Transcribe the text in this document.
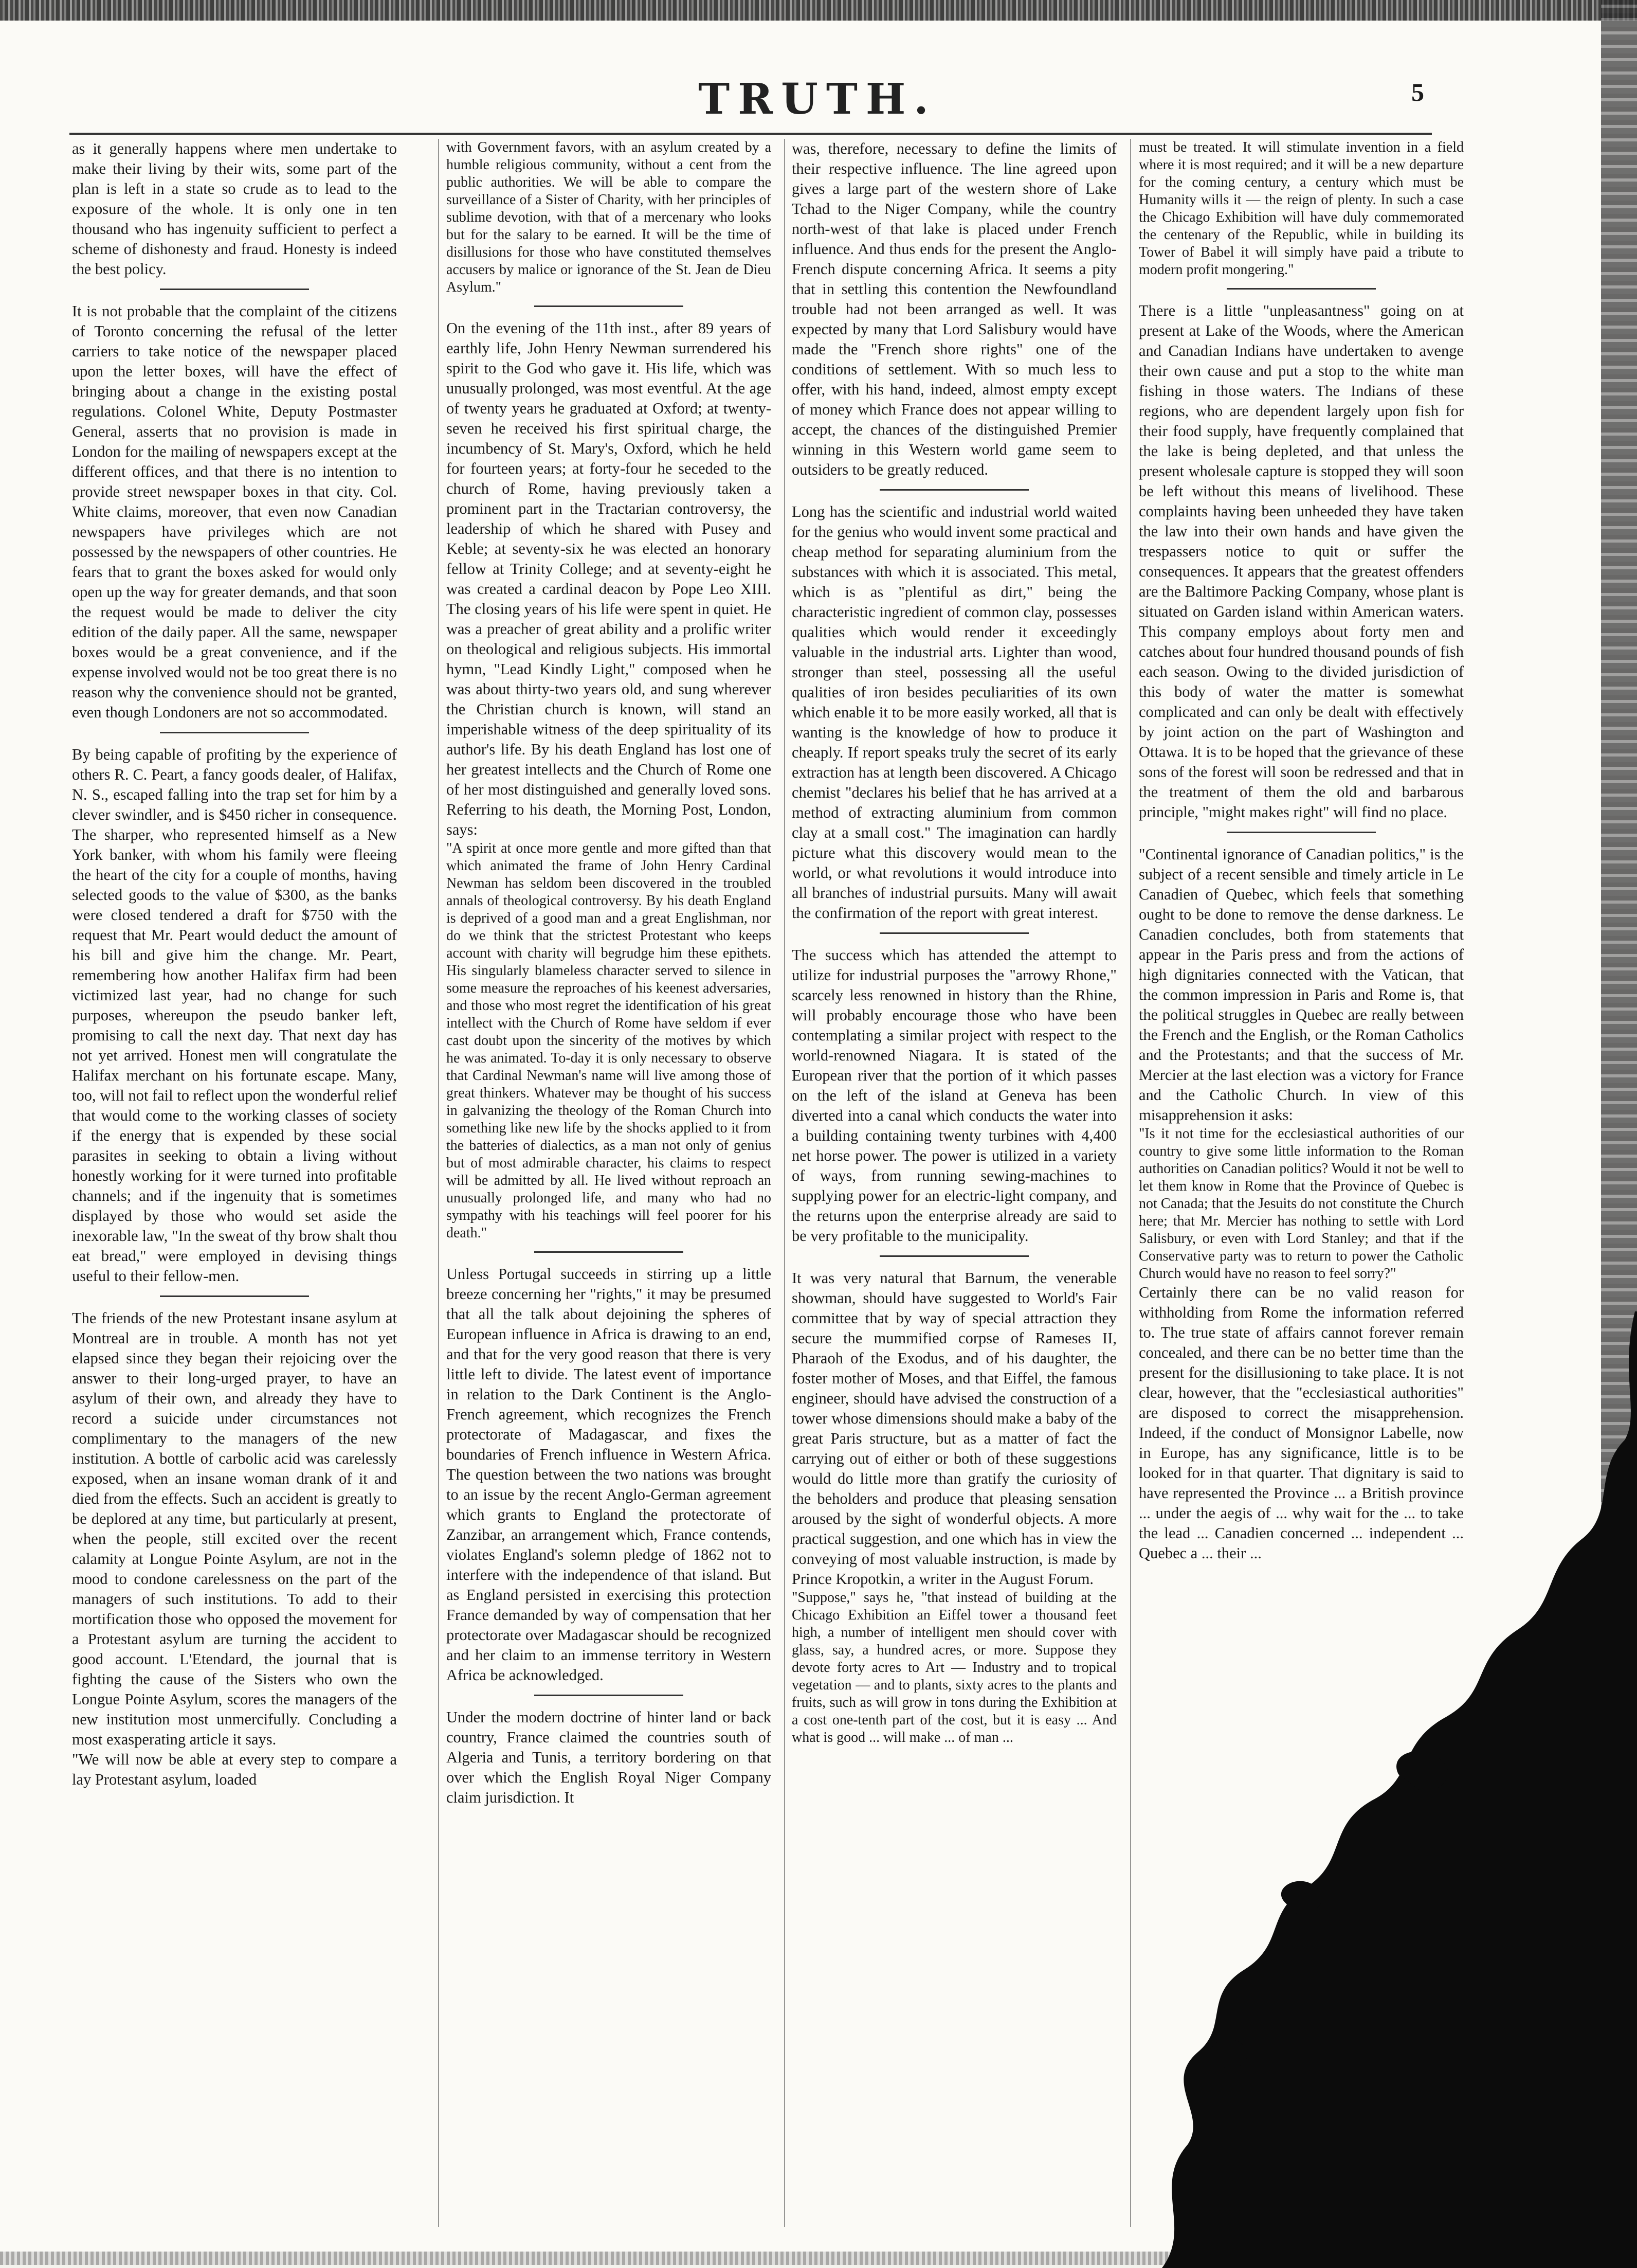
TRUTH.	5

as it generally happens where men undertake to make their living by their wits, some part of the plan is left in a state so crude as to lead to the exposure of the whole. It is only one in ten thousand who has ingenuity sufficient to perfect a scheme of dishonesty and fraud. Honesty is indeed the best policy.

It is not probable that the complaint of the citizens of Toronto concerning the refusal of the letter carriers to take notice of the newspaper placed upon the letter boxes, will have the effect of bringing about a change in the existing postal regulations. Colonel White, Deputy Postmaster General, asserts that no provision is made in London for the mailing of newspapers except at the different offices, and that there is no intention to provide street newspaper boxes in that city. Col. White claims, moreover, that even now Canadian newspapers have privileges which are not possessed by the newspapers of other countries. He fears that to grant the boxes asked for would only open up the way for greater demands, and that soon the request would be made to deliver the city edition of the daily paper. All the same, newspaper boxes would be a great convenience, and if the expense involved would not be too great there is no reason why the convenience should not be granted, even though Londoners are not so accommodated.

By being capable of profiting by the experience of others R. C. Peart, a fancy goods dealer, of Halifax, N. S., escaped falling into the trap set for him by a clever swindler, and is $450 richer in consequence. The sharper, who represented himself as a New York banker, with whom his family were fleeing the heart of the city for a couple of months, having selected goods to the value of $300, as the banks were closed tendered a draft for $750 with the request that Mr. Peart would deduct the amount of his bill and give him the change. Mr. Peart, remembering how another Halifax firm had been victimized last year, had no change for such purposes, whereupon the pseudo banker left, promising to call the next day. That next day has not yet arrived. Honest men will congratulate the Halifax merchant on his fortunate escape. Many, too, will not fail to reflect upon the wonderful relief that would come to the working classes of society if the energy that is expended by these social parasites in seeking to obtain a living without honestly working for it were turned into profitable channels; and if the ingenuity that is sometimes displayed by those who would set aside the inexorable law, "In the sweat of thy brow shalt thou eat bread," were employed in devising things useful to their fellow-men.

The friends of the new Protestant insane asylum at Montreal are in trouble. A month has not yet elapsed since they began their rejoicing over the answer to their long-urged prayer, to have an asylum of their own, and already they have to record a suicide under circumstances not complimentary to the managers of the new institution. A bottle of carbolic acid was carelessly exposed, when an insane woman drank of it and died from the effects. Such an accident is greatly to be deplored at any time, but particularly at present, when the people, still excited over the recent calamity at Longue Pointe Asylum, are not in the mood to condone carelessness on the part of the managers of such institutions. To add to their mortification those who opposed the movement for a Protestant asylum are turning the accident to good account. L'Etendard, the journal that is fighting the cause of the Sisters who own the Longue Pointe Asylum, scores the managers of the new institution most unmercifully. Concluding a most exasperating article it says.

"We will now be able at every step to compare a lay Protestant asylum, loaded

with Government favors, with an asylum created by a humble religious community, without a cent from the public authorities. We will be able to compare the surveillance of a Sister of Charity, with her principles of sublime devotion, with that of a mercenary who looks but for the salary to be earned. It will be the time of disillusions for those who have constituted themselves accusers by malice or ignorance of the St. Jean de Dieu Asylum."

On the evening of the 11th inst., after 89 years of earthly life, John Henry Newman surrendered his spirit to the God who gave it. His life, which was unusually prolonged, was most eventful. At the age of twenty years he graduated at Oxford; at twenty-seven he received his first spiritual charge, the incumbency of St. Mary's, Oxford, which he held for fourteen years; at forty-four he seceded to the church of Rome, having previously taken a prominent part in the Tractarian controversy, the leadership of which he shared with Pusey and Keble; at seventy-six he was elected an honorary fellow at Trinity College; and at seventy-eight he was created a cardinal deacon by Pope Leo XIII. The closing years of his life were spent in quiet. He was a preacher of great ability and a prolific writer on theological and religious subjects. His immortal hymn, "Lead Kindly Light," composed when he was about thirty-two years old, and sung wherever the Christian church is known, will stand an imperishable witness of the deep spirituality of its author's life. By his death England has lost one of her greatest intellects and the Church of Rome one of her most distinguished and generally loved sons. Referring to his death, the Morning Post, London, says:

"A spirit at once more gentle and more gifted than that which animated the frame of John Henry Cardinal Newman has seldom been discovered in the troubled annals of theological controversy. By his death England is deprived of a good man and a great Englishman, nor do we think that the strictest Protestant who keeps account with charity will begrudge him these epithets. His singularly blameless character served to silence in some measure the reproaches of his keenest adversaries, and those who most regret the identification of his great intellect with the Church of Rome have seldom if ever cast doubt upon the sincerity of the motives by which he was animated. To-day it is only necessary to observe that Cardinal Newman's name will live among those of great thinkers. Whatever may be thought of his success in galvanizing the theology of the Roman Church into something like new life by the shocks applied to it from the batteries of dialectics, as a man not only of genius but of most admirable character, his claims to respect will be admitted by all. He lived without reproach an unusually prolonged life, and many who had no sympathy with his teachings will feel poorer for his death."

Unless Portugal succeeds in stirring up a little breeze concerning her "rights," it may be presumed that all the talk about dejoining the spheres of European influence in Africa is drawing to an end, and that for the very good reason that there is very little left to divide. The latest event of importance in relation to the Dark Continent is the Anglo-French agreement, which recognizes the French protectorate of Madagascar, and fixes the boundaries of French influence in Western Africa. The question between the two nations was brought to an issue by the recent Anglo-German agreement which grants to England the protectorate of Zanzibar, an arrangement which, France contends, violates England's solemn pledge of 1862 not to interfere with the independence of that island. But as England persisted in exercising this protection France demanded by way of compensation that her protectorate over Madagascar should be recognized and her claim to an immense territory in Western Africa be acknowledged.

Under the modern doctrine of hinter land or back country, France claimed the countries south of Algeria and Tunis, a territory bordering on that over which the English Royal Niger Company claim jurisdiction. It

was, therefore, necessary to define the limits of their respective influence. The line agreed upon gives a large part of the western shore of Lake Tchad to the Niger Company, while the country north-west of that lake is placed under French influence. And thus ends for the present the Anglo-French dispute concerning Africa. It seems a pity that in settling this contention the Newfoundland trouble had not been arranged as well. It was expected by many that Lord Salisbury would have made the "French shore rights" one of the conditions of settlement. With so much less to offer, with his hand, indeed, almost empty except of money which France does not appear willing to accept, the chances of the distinguished Premier winning in this Western world game seem to outsiders to be greatly reduced.

Long has the scientific and industrial world waited for the genius who would invent some practical and cheap method for separating aluminium from the substances with which it is associated. This metal, which is as "plentiful as dirt," being the characteristic ingredient of common clay, possesses qualities which would render it exceedingly valuable in the industrial arts. Lighter than wood, stronger than steel, possessing all the useful qualities of iron besides peculiarities of its own which enable it to be more easily worked, all that is wanting is the knowledge of how to produce it cheaply. If report speaks truly the secret of its early extraction has at length been discovered. A Chicago chemist "declares his belief that he has arrived at a method of extracting aluminium from common clay at a small cost." The imagination can hardly picture what this discovery would mean to the world, or what revolutions it would introduce into all branches of industrial pursuits. Many will await the confirmation of the report with great interest.

The success which has attended the attempt to utilize for industrial purposes the "arrowy Rhone," scarcely less renowned in history than the Rhine, will probably encourage those who have been contemplating a similar project with respect to the world-renowned Niagara. It is stated of the European river that the portion of it which passes on the left of the island at Geneva has been diverted into a canal which conducts the water into a building containing twenty turbines with 4,400 net horse power. The power is utilized in a variety of ways, from running sewing-machines to supplying power for an electric-light company, and the returns upon the enterprise already are said to be very profitable to the municipality.

It was very natural that Barnum, the venerable showman, should have suggested to World's Fair committee that by way of special attraction they secure the mummified corpse of Rameses II, Pharaoh of the Exodus, and of his daughter, the foster mother of Moses, and that Eiffel, the famous engineer, should have advised the construction of a tower whose dimensions should make a baby of the great Paris structure, but as a matter of fact the carrying out of either or both of these suggestions would do little more than gratify the curiosity of the beholders and produce that pleasing sensation aroused by the sight of wonderful objects. A more practical suggestion, and one which has in view the conveying of most valuable instruction, is made by Prince Kropotkin, a writer in the August Forum.

"Suppose," says he, "that instead of building at the Chicago Exhibition an Eiffel tower a thousand feet high, a number of intelligent men should cover with glass, say, a hundred acres, or more. Suppose they devote forty acres to Art — Industry and to tropical vegetation — and to plants, sixty acres to the plants and fruits, such as will grow in tons during the Exhibition at a cost one-tenth part of the cost, but it is easy ... And what is good ... will make ... of man ...

must be treated. It will stimulate invention in a field where it is most required; and it will be a new departure for the coming century, a century which must be Humanity wills it — the reign of plenty. In such a case the Chicago Exhibition will have duly commemorated the centenary of the Republic, while in building its Tower of Babel it will simply have paid a tribute to modern profit mongering."

There is a little "unpleasantness" going on at present at Lake of the Woods, where the American and Canadian Indians have undertaken to avenge their own cause and put a stop to the white man fishing in those waters. The Indians of these regions, who are dependent largely upon fish for their food supply, have frequently complained that the lake is being depleted, and that unless the present wholesale capture is stopped they will soon be left without this means of livelihood. These complaints having been unheeded they have taken the law into their own hands and have given the trespassers notice to quit or suffer the consequences. It appears that the greatest offenders are the Baltimore Packing Company, whose plant is situated on Garden island within American waters. This company employs about forty men and catches about four hundred thousand pounds of fish each season. Owing to the divided jurisdiction of this body of water the matter is somewhat complicated and can only be dealt with effectively by joint action on the part of Washington and Ottawa. It is to be hoped that the grievance of these sons of the forest will soon be redressed and that in the treatment of them the old and barbarous principle, "might makes right" will find no place.

"Continental ignorance of Canadian politics," is the subject of a recent sensible and timely article in Le Canadien of Quebec, which feels that something ought to be done to remove the dense darkness. Le Canadien concludes, both from statements that appear in the Paris press and from the actions of high dignitaries connected with the Vatican, that the common impression in Paris and Rome is, that the political struggles in Quebec are really between the French and the English, or the Roman Catholics and the Protestants; and that the success of Mr. Mercier at the last election was a victory for France and the Catholic Church. In view of this misapprehension it asks:

"Is it not time for the ecclesiastical authorities of our country to give some little information to the Roman authorities on Canadian politics? Would it not be well to let them know in Rome that the Province of Quebec is not Canada; that the Jesuits do not constitute the Church here; that Mr. Mercier has nothing to settle with Lord Salisbury, or even with Lord Stanley; and that if the Conservative party was to return to power the Catholic Church would have no reason to feel sorry?"

Certainly there can be no valid reason for withholding from Rome the information referred to. The true state of affairs cannot forever remain concealed, and there can be no better time than the present for the disillusioning to take place. It is not clear, however, that the "ecclesiastical authorities" are disposed to correct the misapprehension. Indeed, if the conduct of Monsignor Labelle, now in Europe, has any significance, little is to be looked for in that quarter. That dignitary is said to have represented the Province ... a British province ... under the aegis of ... why wait for the ... to take the lead ... Canadien concerned ... independent ... Quebec a ... their ...
